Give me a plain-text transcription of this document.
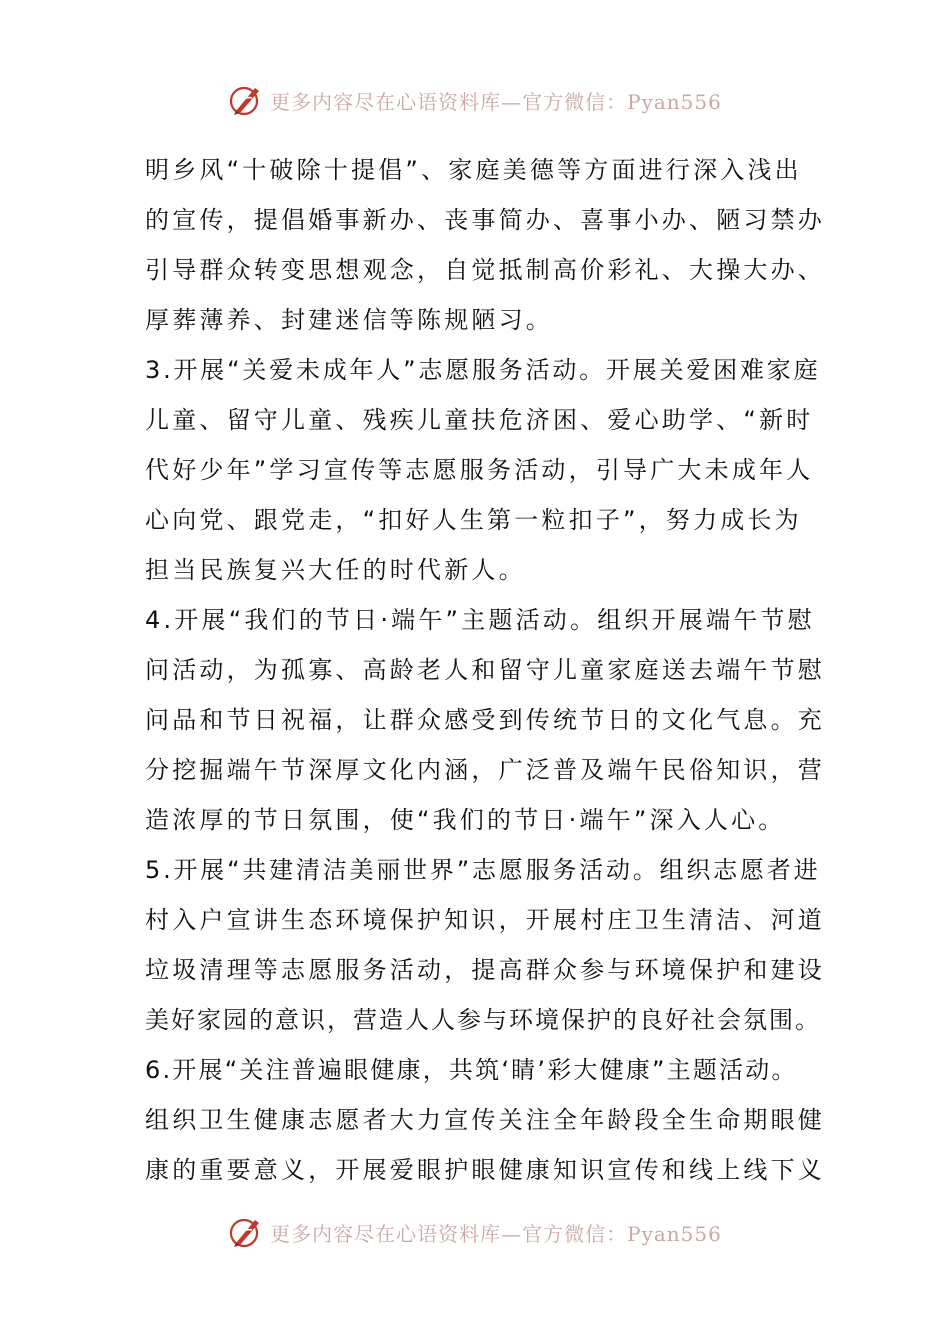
更多内容尽在心语资料库—官方微信：Pyan556
明乡风“十破除十提倡”、家庭美德等方面进行深入浅出
的宣传，提倡婚事新办、丧事简办、喜事小办、陋习禁办
引导群众转变思想观念，自觉抵制高价彩礼、大操大办、
厚葬薄养、封建迷信等陈规陋习。
3.开展“关爱未成年人”志愿服务活动。开展关爱困难家庭
儿童、留守儿童、残疾儿童扶危济困、爱心助学、“新时
代好少年”学习宣传等志愿服务活动，引导广大未成年人
心向党、跟党走，“扣好人生第一粒扣子”，努力成长为
担当民族复兴大任的时代新人。
4.开展“我们的节日·端午”主题活动。组织开展端午节慰
问活动，为孤寡、高龄老人和留守儿童家庭送去端午节慰
问品和节日祝福，让群众感受到传统节日的文化气息。充
分挖掘端午节深厚文化内涵，广泛普及端午民俗知识，营
造浓厚的节日氛围，使“我们的节日·端午”深入人心。
5.开展“共建清洁美丽世界”志愿服务活动。组织志愿者进
村入户宣讲生态环境保护知识，开展村庄卫生清洁、河道
垃圾清理等志愿服务活动，提高群众参与环境保护和建设
美好家园的意识，营造人人参与环境保护的良好社会氛围。
6.开展“关注普遍眼健康，共筑‘睛’彩大健康”主题活动。
组织卫生健康志愿者大力宣传关注全年龄段全生命期眼健
康的重要意义，开展爱眼护眼健康知识宣传和线上线下义
更多内容尽在心语资料库—官方微信：Pyan556
